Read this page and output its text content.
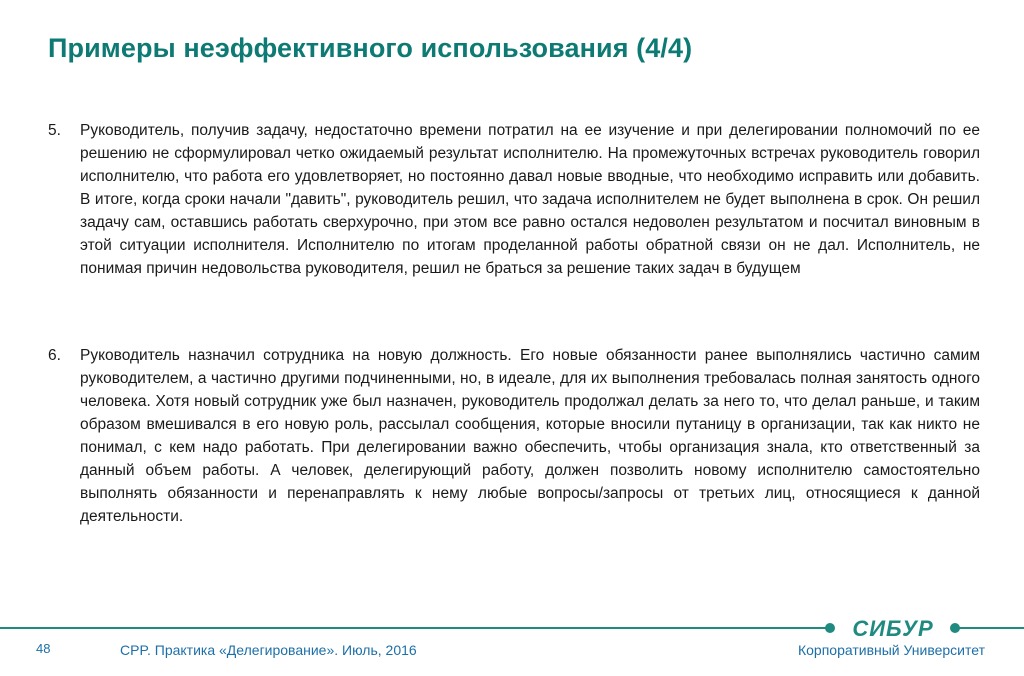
Примеры неэффективного использования (4/4)
5. Руководитель, получив задачу, недостаточно времени потратил на ее изучение и при делегировании полномочий по ее решению не сформулировал четко ожидаемый результат исполнителю. На промежуточных встречах руководитель говорил исполнителю, что работа его удовлетворяет, но постоянно давал новые вводные, что необходимо исправить или добавить. В итоге, когда сроки начали "давить", руководитель решил, что задача исполнителем не будет выполнена в срок. Он решил задачу сам, оставшись работать сверхурочно, при этом все равно остался недоволен результатом и посчитал виновным в этой ситуации исполнителя. Исполнителю по итогам проделанной работы обратной связи он не дал. Исполнитель, не понимая причин недовольства руководителя, решил не браться за решение таких задач в будущем
6. Руководитель назначил сотрудника на новую должность. Его новые обязанности ранее выполнялись частично самим руководителем, а частично другими подчиненными, но, в идеале, для их выполнения требовалась полная занятость одного человека. Хотя новый сотрудник уже был назначен, руководитель продолжал делать за него то, что делал раньше, и таким образом вмешивался в его новую роль, рассылал сообщения, которые вносили путаницу в организации, так как никто не понимал, с кем надо работать. При делегировании важно обеспечить, чтобы организация знала, кто ответственный за данный объем работы. А человек, делегирующий работу, должен позволить новому исполнителю самостоятельно выполнять обязанности и перенаправлять к нему любые вопросы/запросы от третьих лиц, относящиеся к данной деятельности.
СИБУР
48	CPP. Практика «Делегирование». Июль, 2016	Корпоративный Университет
